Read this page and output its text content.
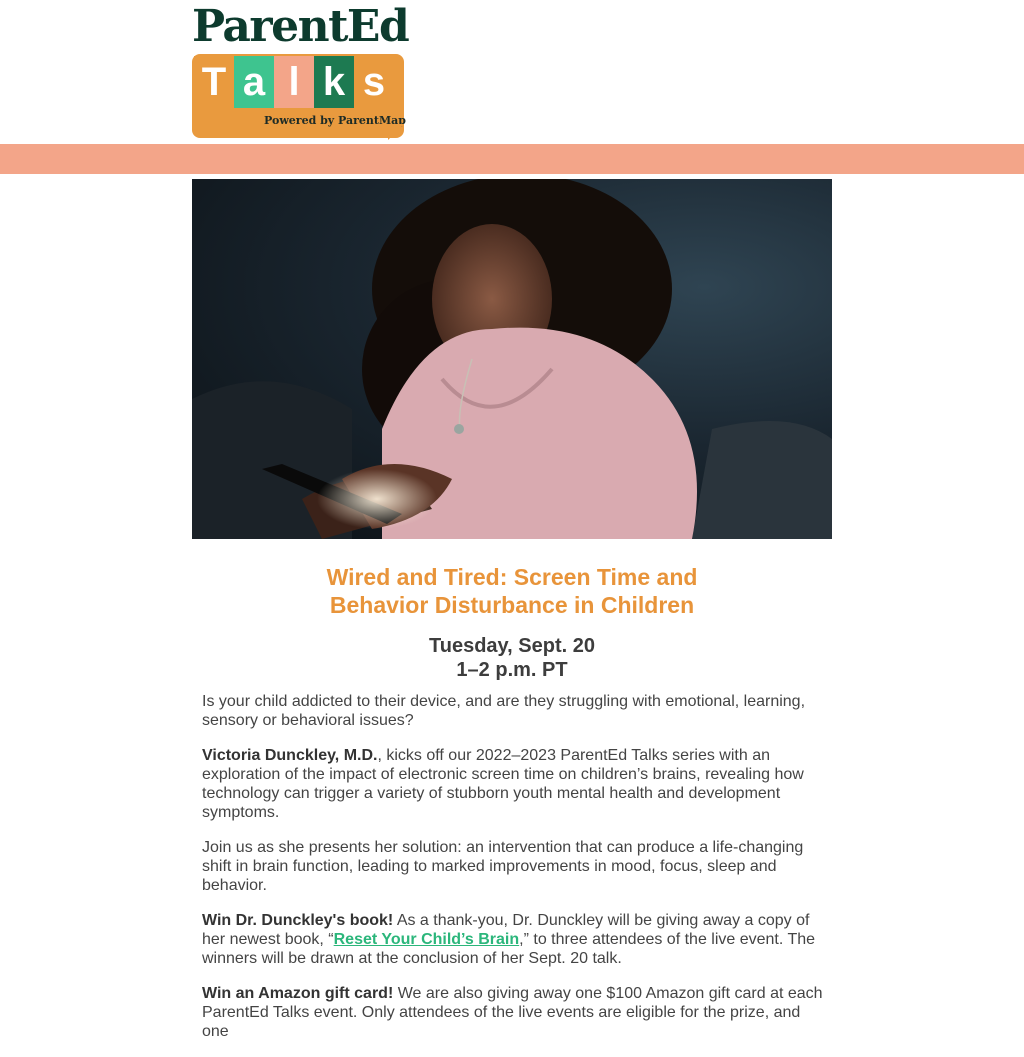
ParentEd
T a l k s
Powered by ParentMap
Wired and Tired: Screen Time and
Behavior Disturbance in Children
Tuesday, Sept. 20
1–2 p.m. PT

Is your child addicted to their device, and are they struggling with emotional, learning, sensory or behavioral issues?

Victoria Dunckley, M.D., kicks off our 2022–2023 ParentEd Talks series with an exploration of the impact of electronic screen time on children’s brains, revealing how technology can trigger a variety of stubborn youth mental health and development symptoms.

Join us as she presents her solution: an intervention that can produce a life-changing shift in brain function, leading to marked improvements in mood, focus, sleep and behavior.

Win Dr. Dunckley's book! As a thank-you, Dr. Dunckley will be giving away a copy of her newest book, “Reset Your Child’s Brain,” to three attendees of the live event. The winners will be drawn at the conclusion of her Sept. 20 talk.

Win an Amazon gift card! We are also giving away one $100 Amazon gift card at each ParentEd Talks event. Only attendees of the live events are eligible for the prize, and one
